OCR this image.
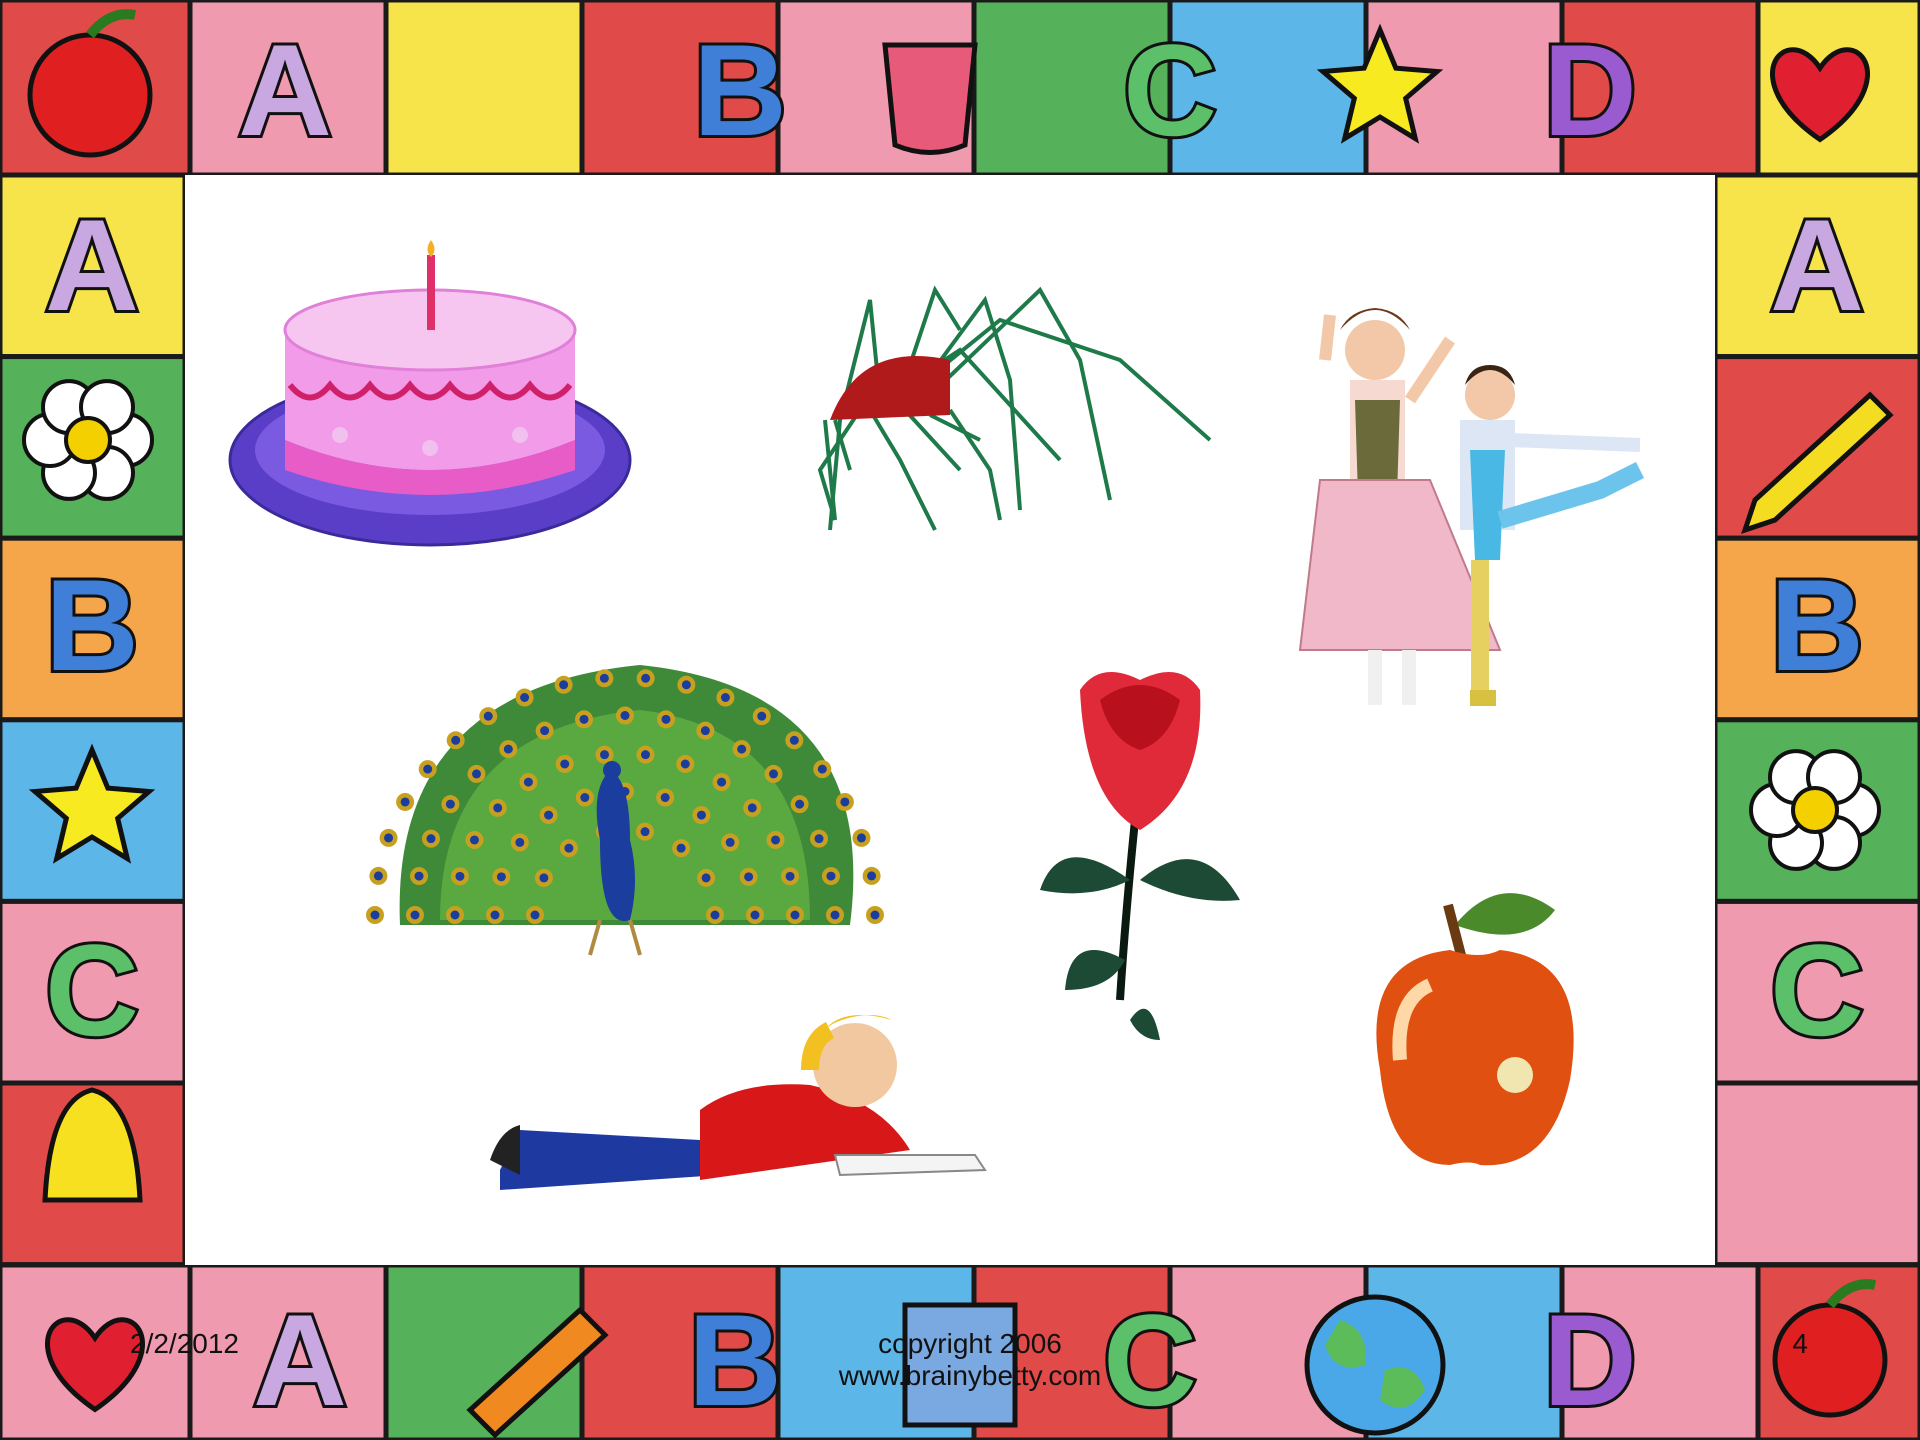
A	B	C	D
A	B C	D
A
B
C
A
B
C
2/2/2012	copyright 2006
www.brainybetty.com
4
